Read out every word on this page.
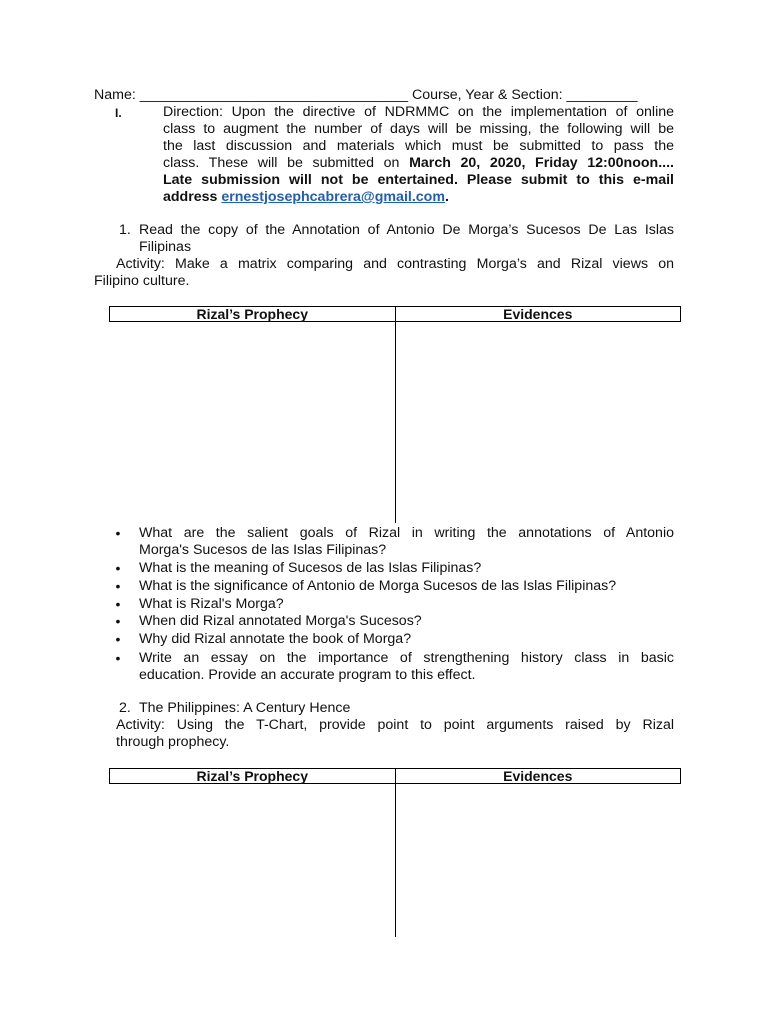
Name: __________________________________ Course, Year & Section: _________
I.	Direction: Upon the directive of NDRMMC on the implementation of online
class to augment the number of days will be missing, the following will be
the last discussion and materials which must be submitted to pass the
class. These will be submitted on March 20, 2020, Friday 12:00noon....
Late submission will not be entertained. Please submit to this e-mail
address ernestjosephcabrera@gmail.com.
1. Read the copy of the Annotation of Antonio De Morga’s Sucesos De Las Islas
Filipinas
Activity: Make a matrix comparing and contrasting Morga’s and Rizal views on
Filipino culture.
Rizal’s Prophecy	Evidences
• What are the salient goals of Rizal in writing the annotations of Antonio
Morga's Sucesos de las Islas Filipinas?
• What is the meaning of Sucesos de las Islas Filipinas?
• What is the significance of Antonio de Morga Sucesos de las Islas Filipinas?
• What is Rizal's Morga?
• When did Rizal annotated Morga's Sucesos?
• Why did Rizal annotate the book of Morga?
• Write an essay on the importance of strengthening history class in basic
education. Provide an accurate program to this effect.
2. The Philippines: A Century Hence
Activity: Using the T-Chart, provide point to point arguments raised by Rizal
through prophecy.
Rizal’s Prophecy	Evidences
